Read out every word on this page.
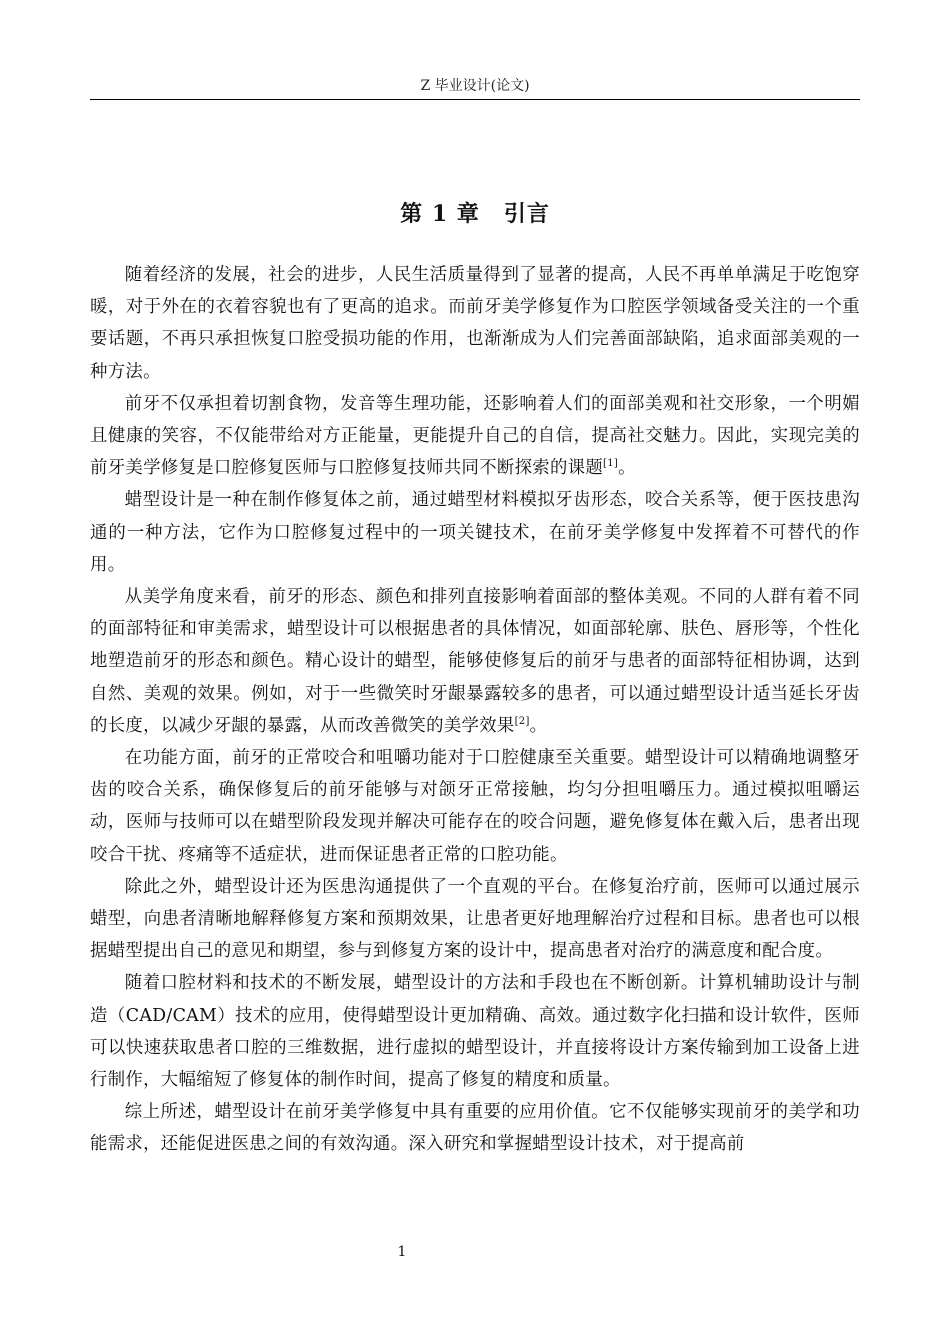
Z 毕业设计(论文)
第 1 章 引言

随着经济的发展，社会的进步，人民生活质量得到了显著的提高，人民不再单单满足于吃饱穿暖，对于外在的衣着容貌也有了更高的追求。而前牙美学修复作为口腔医学领域备受关注的一个重要话题，不再只承担恢复口腔受损功能的作用，也渐渐成为人们完善面部缺陷，追求面部美观的一种方法。

前牙不仅承担着切割食物，发音等生理功能，还影响着人们的面部美观和社交形象，一个明媚且健康的笑容，不仅能带给对方正能量，更能提升自己的自信，提高社交魅力。因此，实现完美的前牙美学修复是口腔修复医师与口腔修复技师共同不断探索的课题[1]。

蜡型设计是一种在制作修复体之前，通过蜡型材料模拟牙齿形态，咬合关系等，便于医技患沟通的一种方法，它作为口腔修复过程中的一项关键技术，在前牙美学修复中发挥着不可替代的作用。

从美学角度来看，前牙的形态、颜色和排列直接影响着面部的整体美观。不同的人群有着不同的面部特征和审美需求，蜡型设计可以根据患者的具体情况，如面部轮廓、肤色、唇形等，个性化地塑造前牙的形态和颜色。精心设计的蜡型，能够使修复后的前牙与患者的面部特征相协调，达到自然、美观的效果。例如，对于一些微笑时牙龈暴露较多的患者，可以通过蜡型设计适当延长牙齿的长度，以减少牙龈的暴露，从而改善微笑的美学效果[2]。

在功能方面，前牙的正常咬合和咀嚼功能对于口腔健康至关重要。蜡型设计可以精确地调整牙齿的咬合关系，确保修复后的前牙能够与对颌牙正常接触，均匀分担咀嚼压力。通过模拟咀嚼运动，医师与技师可以在蜡型阶段发现并解决可能存在的咬合问题，避免修复体在戴入后，患者出现咬合干扰、疼痛等不适症状，进而保证患者正常的口腔功能。

除此之外，蜡型设计还为医患沟通提供了一个直观的平台。在修复治疗前，医师可以通过展示蜡型，向患者清晰地解释修复方案和预期效果，让患者更好地理解治疗过程和目标。患者也可以根据蜡型提出自己的意见和期望，参与到修复方案的设计中，提高患者对治疗的满意度和配合度。

随着口腔材料和技术的不断发展，蜡型设计的方法和手段也在不断创新。计算机辅助设计与制造（CAD/CAM）技术的应用，使得蜡型设计更加精确、高效。通过数字化扫描和设计软件，医师可以快速获取患者口腔的三维数据，进行虚拟的蜡型设计，并直接将设计方案传输到加工设备上进行制作，大幅缩短了修复体的制作时间，提高了修复的精度和质量。

综上所述，蜡型设计在前牙美学修复中具有重要的应用价值。它不仅能够实现前牙的美学和功能需求，还能促进医患之间的有效沟通。深入研究和掌握蜡型设计技术，对于提高前

1
